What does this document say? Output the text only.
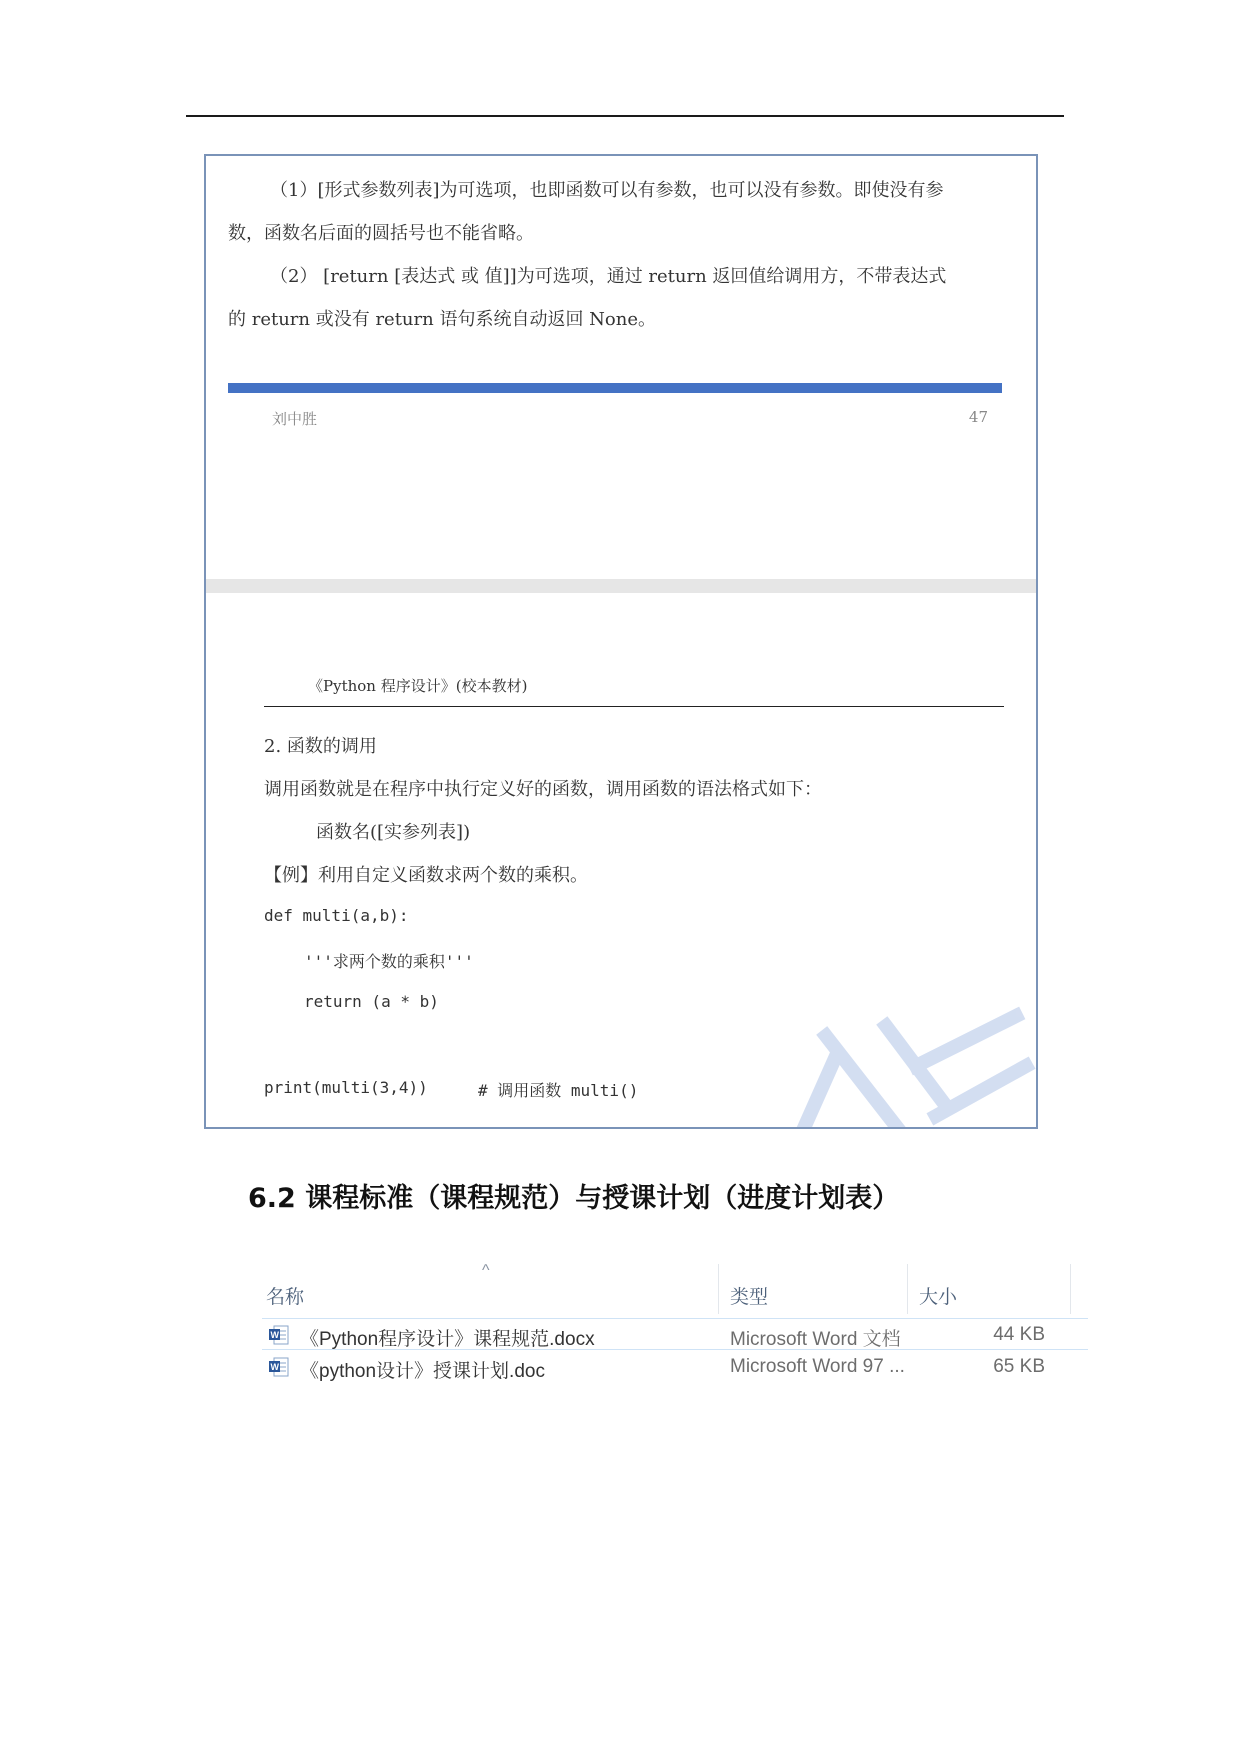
（1）[形式参数列表]为可选项，也即函数可以有参数，也可以没有参数。即使没有参
数，函数名后面的圆括号也不能省略。
（2） [return [表达式 或 值]]为可选项，通过 return 返回值给调用方，不带表达式
的 return 或没有 return 语句系统自动返回 None。
刘中胜	47
《Python 程序设计》(校本教材)
2. 函数的调用
调用函数就是在程序中执行定义好的函数，调用函数的语法格式如下：
函数名([实参列表])
【例】利用自定义函数求两个数的乘积。
def multi(a,b):
'''求两个数的乘积'''
return (a * b)
print(multi(3,4))	# 调用函数 multi()
6.2 课程标准（课程规范）与授课计划（进度计划表）
^
名称	类型	大小
W 《Python程序设计》课程规范.docx	Microsoft Word 文档	44 KB
W 《python设计》授课计划.doc	Microsoft Word 97 ...	65 KB
